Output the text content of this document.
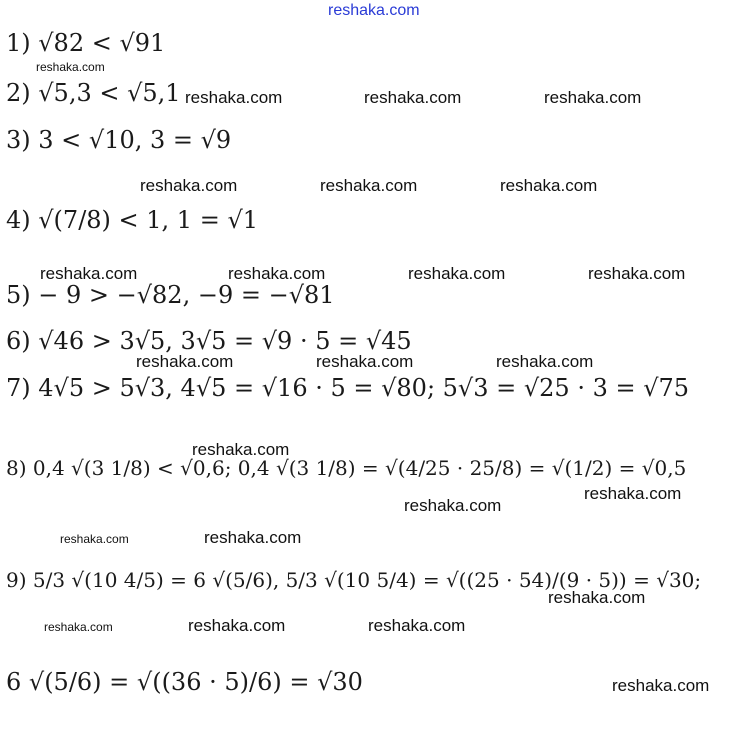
reshaka.com
1) √82 < √91
2) √5,3 < √5,1
3) 3 < √10, 3 = √9
4) √(7/8) < 1, 1 = √1
5) − 9 > −√82, −9 = −√81
6) √46 > 3√5, 3√5 = √9 · 5 = √45
7) 4√5 > 5√3, 4√5 = √16 · 5 = √80; 5√3 = √25 · 3 = √75
8) 0,4 √(3 1/8) < √0,6; 0,4 √(3 1/8) = √(4/25 · 25/8) = √(1/2) = √0,5
9) 5/3 √(10 4/5) = 6 √(5/6), 5/3 √(10 5/4) = √((25 · 54)/(9 · 5)) = √30;
6 √(5/6) = √((36 · 5)/6) = √30
reshaka.com
reshaka.com	reshaka.com	reshaka.com
reshaka.com	reshaka.com	reshaka.com
reshaka.com	reshaka.com	reshaka.com	reshaka.com
reshaka.com	reshaka.com	reshaka.com
reshaka.com
reshaka.com
reshaka.com
reshaka.com	reshaka.com
reshaka.com
reshaka.com	reshaka.com	reshaka.com
reshaka.com
